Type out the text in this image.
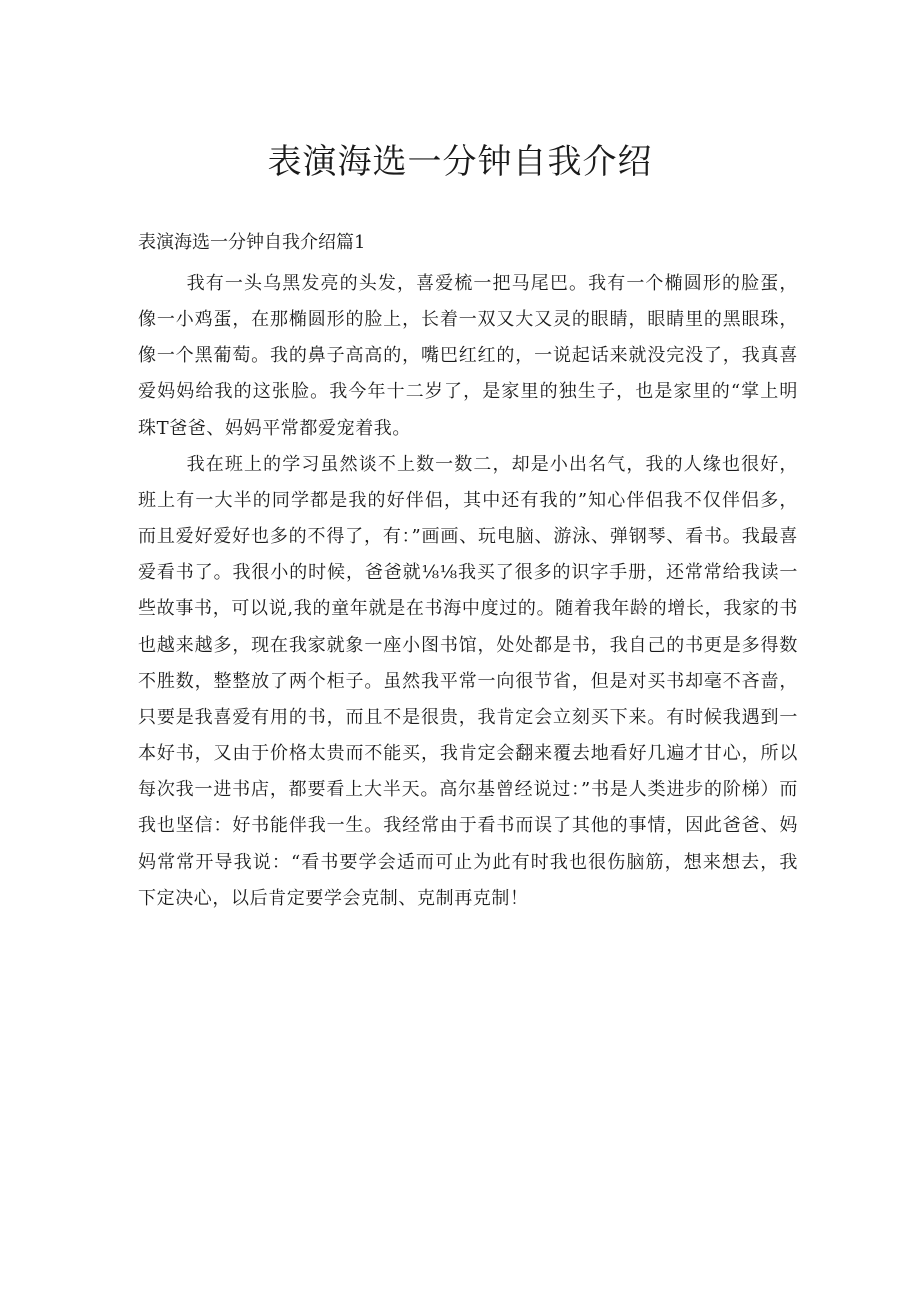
表演海选一分钟自我介绍
表演海选一分钟自我介绍篇1

我有一头乌黑发亮的头发，喜爱梳一把马尾巴。我有一个椭圆形的脸蛋，像一小鸡蛋，在那椭圆形的脸上，长着一双又大又灵的眼睛，眼睛里的黑眼珠，像一个黑葡萄。我的鼻子高高的，嘴巴红红的，一说起话来就没完没了，我真喜爱妈妈给我的这张脸。我今年十二岁了，是家里的独生子，也是家里的“掌上明珠T爸爸、妈妈平常都爱宠着我。

我在班上的学习虽然谈不上数一数二，却是小出名气，我的人缘也很好，班上有一大半的同学都是我的好伴侣，其中还有我的”知心伴侣我不仅伴侣多，而且爱好爱好也多的不得了，有：”画画、玩电脑、游泳、弹钢琴、看书。我最喜爱看书了。我很小的时候，爸爸就⅛⅛我买了很多的识字手册，还常常给我读一些故事书，可以说,我的童年就是在书海中度过的。随着我年龄的增长，我家的书也越来越多，现在我家就象一座小图书馆，处处都是书，我自己的书更是多得数不胜数，整整放了两个柜子。虽然我平常一向很节省，但是对买书却毫不吝啬，只要是我喜爱有用的书，而且不是很贵，我肯定会立刻买下来。有时候我遇到一本好书，又由于价格太贵而不能买，我肯定会翻来覆去地看好几遍才甘心，所以每次我一进书店，都要看上大半天。高尔基曾经说过：”书是人类进步的阶梯）而我也坚信：好书能伴我一生。我经常由于看书而误了其他的事情，因此爸爸、妈妈常常开导我说：“看书要学会适而可止为此有时我也很伤脑筋，想来想去，我下定决心，以后肯定要学会克制、克制再克制！
